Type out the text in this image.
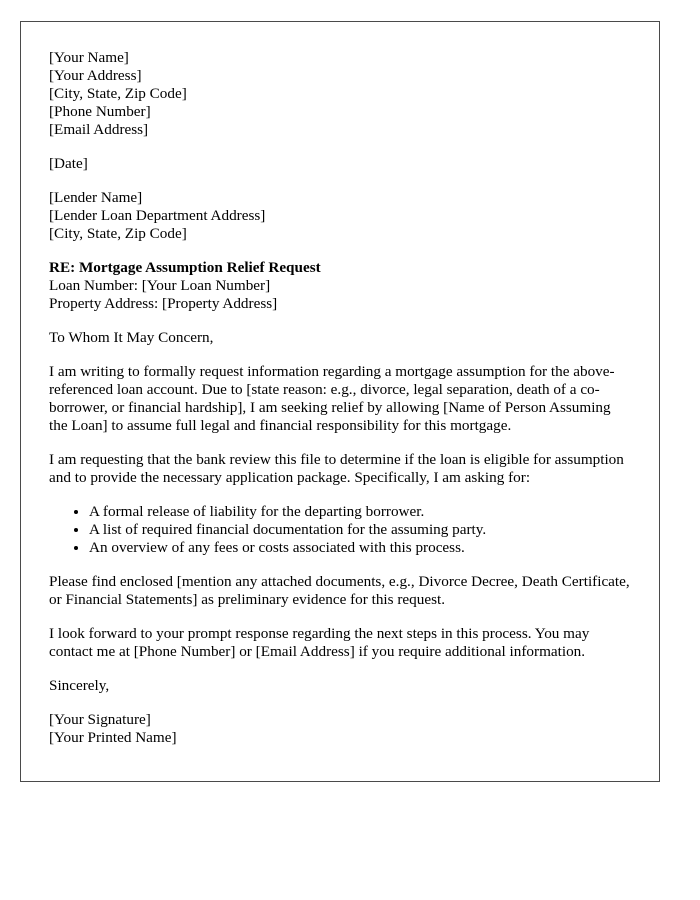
[Your Name]
[Your Address]
[City, State, Zip Code]
[Phone Number]
[Email Address]
[Date]
[Lender Name]
[Lender Loan Department Address]
[City, State, Zip Code]
RE: Mortgage Assumption Relief Request
Loan Number: [Your Loan Number]
Property Address: [Property Address]

To Whom It May Concern,

I am writing to formally request information regarding a mortgage assumption for the above-referenced loan account. Due to [state reason: e.g., divorce, legal separation, death of a co-borrower, or financial hardship], I am seeking relief by allowing [Name of Person Assuming the Loan] to assume full legal and financial responsibility for this mortgage.

I am requesting that the bank review this file to determine if the loan is eligible for assumption and to provide the necessary application package. Specifically, I am asking for:

• A formal release of liability for the departing borrower.
• A list of required financial documentation for the assuming party.
• An overview of any fees or costs associated with this process.

Please find enclosed [mention any attached documents, e.g., Divorce Decree, Death Certificate, or Financial Statements] as preliminary evidence for this request.

I look forward to your prompt response regarding the next steps in this process. You may contact me at [Phone Number] or [Email Address] if you require additional information.

Sincerely,

[Your Signature]
[Your Printed Name]
